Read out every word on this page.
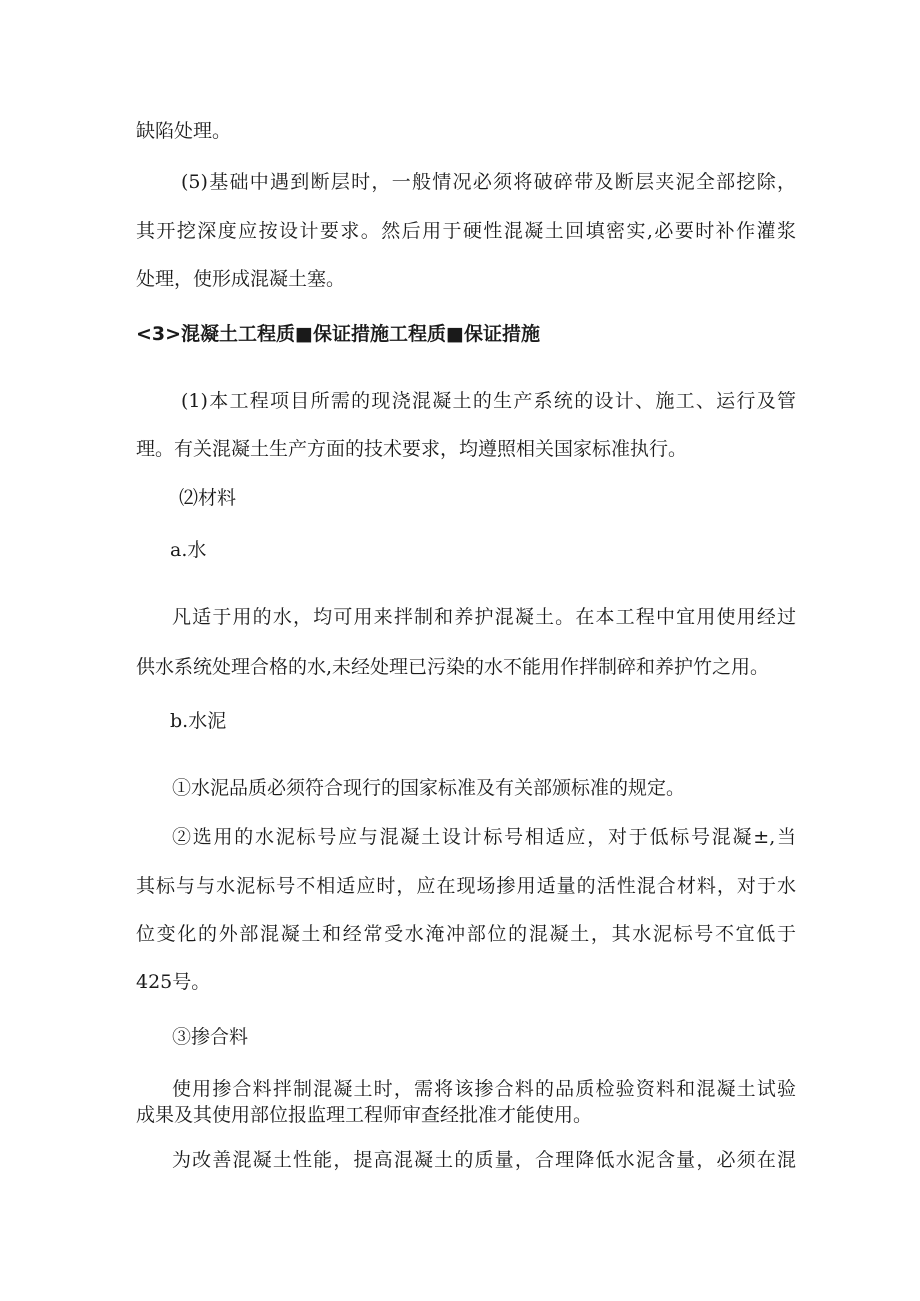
缺陷处理。
(5)基础中遇到断层时，一般情况必须将破碎带及断层夹泥全部挖除，
其开挖深度应按设计要求。然后用于硬性混凝土回填密实,必要时补作灌浆
处理，使形成混凝土塞。
<3>混凝土工程质■保证措施工程质■保证措施
(1)本工程项目所需的现浇混凝土的生产系统的设计、施工、运行及管
理。有关混凝土生产方面的技术要求，均遵照相关国家标准执行。
⑵材料
a.水
凡适于用的水，均可用来拌制和养护混凝土。在本工程中宜用使用经过
供水系统处理合格的水,未经处理已污染的水不能用作拌制碎和养护竹之用。
b.水泥
①水泥品质必须符合现行的国家标准及有关部颁标准的规定。
②选用的水泥标号应与混凝土设计标号相适应，对于低标号混凝±,当
其标与与水泥标号不相适应时，应在现场掺用适量的活性混合材料，对于水
位变化的外部混凝土和经常受水淹冲部位的混凝土，其水泥标号不宜低于
425号。
③掺合料
使用掺合料拌制混凝土时，需将该掺合料的品质检验资料和混凝土试验
成果及其使用部位报监理工程师审查经批准才能使用。
为改善混凝土性能，提高混凝土的质量，合理降低水泥含量，必须在混
